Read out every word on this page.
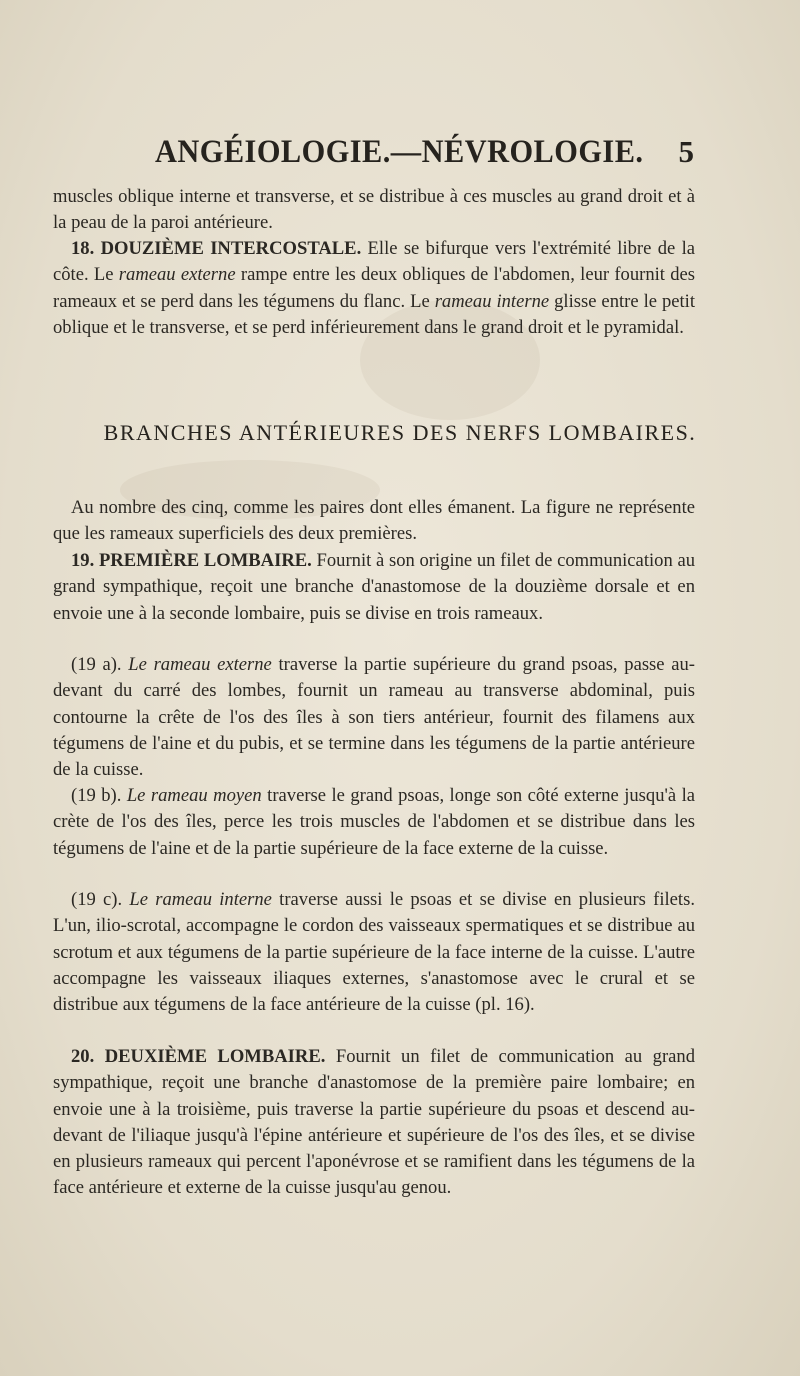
ANGÉIOLOGIE.—NÉVROLOGIE. 5

muscles oblique interne et transverse, et se distribue à ces muscles au grand droit et à la peau de la paroi antérieure.

18. DOUZIÈME INTERCOSTALE. Elle se bifurque vers l'extrémité libre de la côte. Le rameau externe rampe entre les deux obliques de l'abdomen, leur fournit des rameaux et se perd dans les tégumens du flanc. Le rameau interne glisse entre le petit oblique et le transverse, et se perd inférieurement dans le grand droit et le pyramidal.

BRANCHES ANTÉRIEURES DES NERFS LOMBAIRES.

Au nombre des cinq, comme les paires dont elles émanent. La figure ne représente que les rameaux superficiels des deux premières.

19. PREMIÈRE LOMBAIRE. Fournit à son origine un filet de communication au grand sympathique, reçoit une branche d'anastomose de la douzième dorsale et en envoie une à la seconde lombaire, puis se divise en trois rameaux.

(19 a). Le rameau externe traverse la partie supérieure du grand psoas, passe au-devant du carré des lombes, fournit un rameau au transverse abdominal, puis contourne la crête de l'os des îles à son tiers antérieur, fournit des filamens aux tégumens de l'aine et du pubis, et se termine dans les tégumens de la partie antérieure de la cuisse.

(19 b). Le rameau moyen traverse le grand psoas, longe son côté externe jusqu'à la crète de l'os des îles, perce les trois muscles de l'abdomen et se distribue dans les tégumens de l'aine et de la partie supérieure de la face externe de la cuisse.

(19 c). Le rameau interne traverse aussi le psoas et se divise en plusieurs filets. L'un, ilio-scrotal, accompagne le cordon des vaisseaux spermatiques et se distribue au scrotum et aux tégumens de la partie supérieure de la face interne de la cuisse. L'autre accompagne les vaisseaux iliaques externes, s'anastomose avec le crural et se distribue aux tégumens de la face antérieure de la cuisse (pl. 16).

20. DEUXIÈME LOMBAIRE. Fournit un filet de communication au grand sympathique, reçoit une branche d'anastomose de la première paire lombaire; en envoie une à la troisième, puis traverse la partie supérieure du psoas et descend au-devant de l'iliaque jusqu'à l'épine antérieure et supérieure de l'os des îles, et se divise en plusieurs rameaux qui percent l'aponévrose et se ramifient dans les tégumens de la face antérieure et externe de la cuisse jusqu'au genou.
